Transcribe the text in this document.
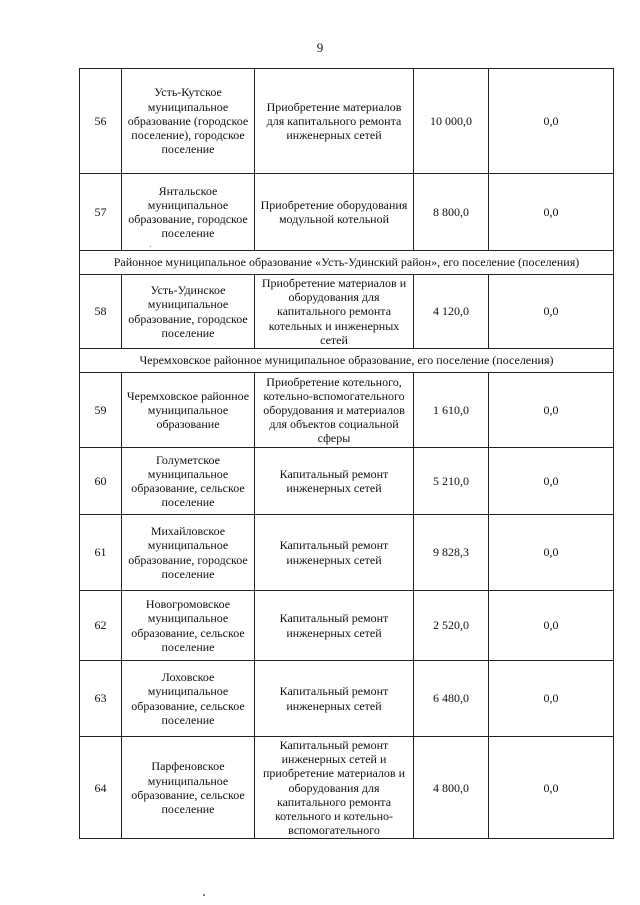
9
56	Усть-Кутское муниципальное образование (городское поселение), городское поселение	Приобретение материалов для капитального ремонта инженерных сетей	10 000,0	0,0
57	Янтальское муниципальное образование, городское поселение	Приобретение оборудования модульной котельной	8 800,0	0,0
Районное муниципальное образование «Усть-Удинский район», его поселение (поселения)				
58	Усть-Удинское муниципальное образование, городское поселение	Приобретение материалов и оборудования для капитального ремонта котельных и инженерных сетей	4 120,0	0,0
Черемховское районное муниципальное образование, его поселение (поселения)				
59	Черемховское районное муниципальное образование	Приобретение котельного, котельно-вспомогательного оборудования и материалов для объектов социальной сферы	1 610,0	0,0
60	Голуметское муниципальное образование, сельское поселение	Капитальный ремонт инженерных сетей	5 210,0	0,0
61	Михайловское муниципальное образование, городское поселение	Капитальный ремонт инженерных сетей	9 828,3	0,0
62	Новогромовское муниципальное образование, сельское поселение	Капитальный ремонт инженерных сетей	2 520,0	0,0
63	Лоховское муниципальное образование, сельское поселение	Капитальный ремонт инженерных сетей	6 480,0	0,0
64	Парфеновское муниципальное образование, сельское поселение	Капитальный ремонт инженерных сетей и приобретение материалов и оборудования для капитального ремонта котельного и котельно-вспомогательного	4 800,0	0,0
